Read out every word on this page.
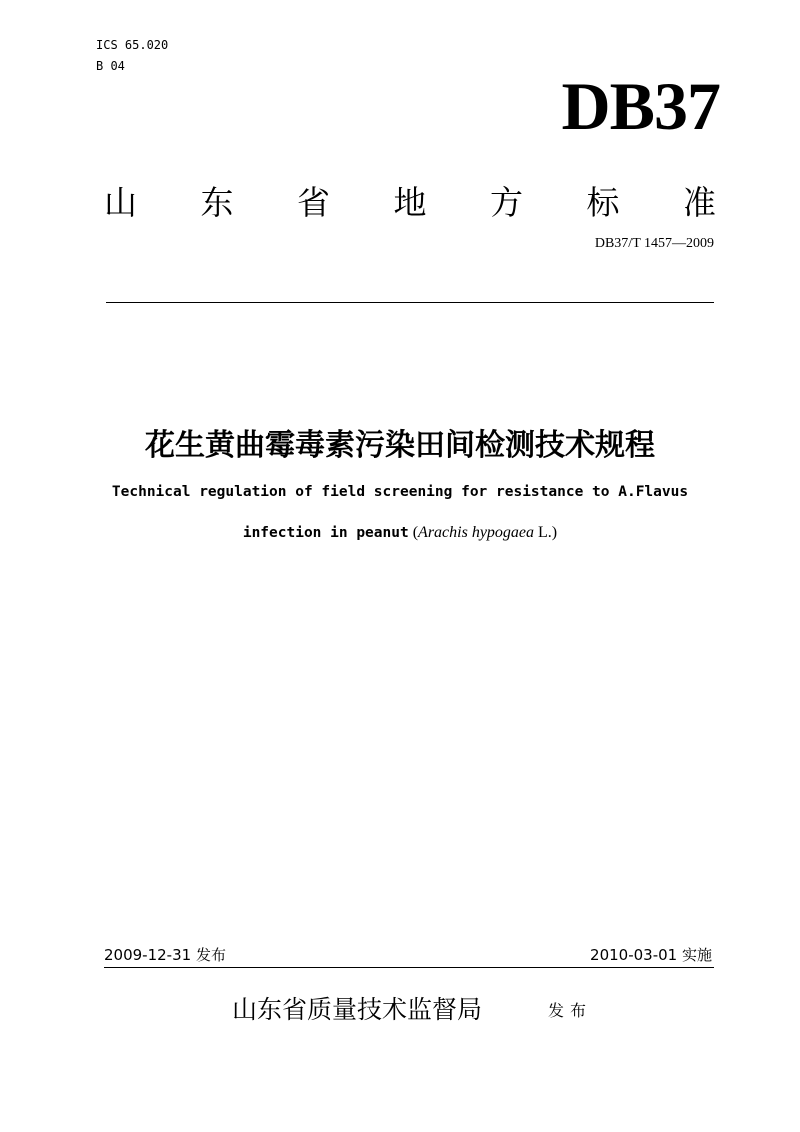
ICS 65.020
B 04
DB37
山 东 省 地 方 标 准
DB37/T 1457—2009
花生黄曲霉毒素污染田间检测技术规程
Technical regulation of field screening for resistance to A.Flavus
infection in peanut (Arachis hypogaea L.)
2009-12-31 发布	2010-03-01 实施
山东省质量技术监督局	发布
